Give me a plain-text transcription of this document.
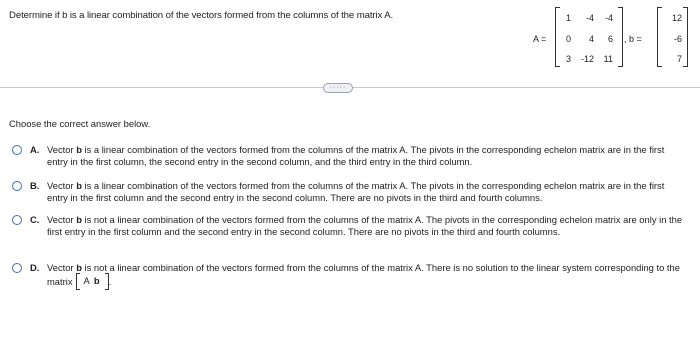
Determine if b is a linear combination of the vectors formed from the columns of the matrix A.
A =
1	-4	-4
0	4	6
3 -12	11
, b =
12
-6
7
·····
Choose the correct answer below.
A. Vector b is a linear combination of the vectors formed from the columns of the matrix A. The pivots in the corresponding echelon matrix are in the first entry in the first column, the second entry in the second column, and the third entry in the third column.
B. Vector b is a linear combination of the vectors formed from the columns of the matrix A. The pivots in the corresponding echelon matrix are in the first entry in the first column and the second entry in the second column. There are no pivots in the third and fourth columns.
C. Vector b is not a linear combination of the vectors formed from the columns of the matrix A. The pivots in the corresponding echelon matrix are only in the first entry in the first column and the second entry in the second column. There are no pivots in the third and fourth columns.
D. Vector b is not a linear combination of the vectors formed from the columns of the matrix A. There is no solution to the linear system corresponding to the matrix	A b .
